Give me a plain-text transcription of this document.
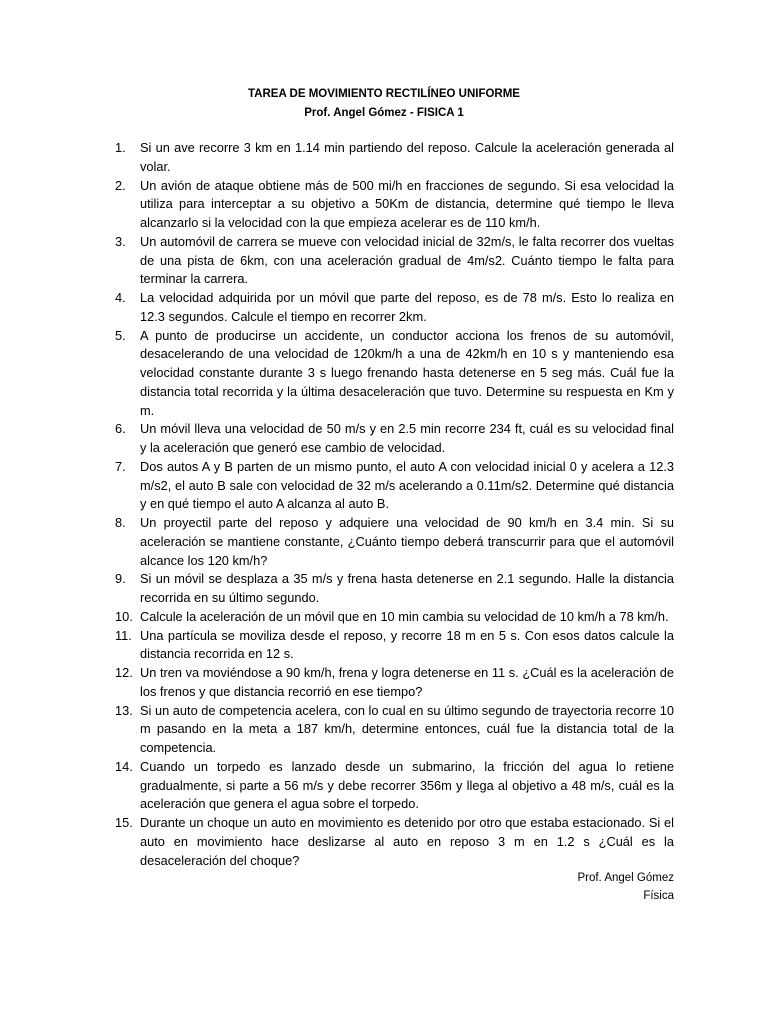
TAREA DE MOVIMIENTO RECTILÍNEO UNIFORME
Prof. Angel Gómez - FISICA 1
1.	Si un ave recorre 3 km en 1.14 min partiendo del reposo. Calcule la aceleración generada al volar.
2.	Un avión de ataque obtiene más de 500 mi/h en fracciones de segundo. Si esa velocidad la utiliza para interceptar a su objetivo a 50Km de distancia, determine qué tiempo le lleva alcanzarlo si la velocidad con la que empieza acelerar es de 110 km/h.
3.	Un automóvil de carrera se mueve con velocidad inicial de 32m/s, le falta recorrer dos vueltas de una pista de 6km, con una aceleración gradual de 4m/s2. Cuánto tiempo le falta para terminar la carrera.
4.	La velocidad adquirida por un móvil que parte del reposo, es de 78 m/s. Esto lo realiza en 12.3 segundos. Calcule el tiempo en recorrer 2km.
5.	A punto de producirse un accidente, un conductor acciona los frenos de su automóvil, desacelerando de una velocidad de 120km/h a una de 42km/h en 10 s y manteniendo esa velocidad constante durante 3 s luego frenando hasta detenerse en 5 seg más. Cuál fue la distancia total recorrida y la última desaceleración que tuvo. Determine su respuesta en Km y m.
6.	Un móvil lleva una velocidad de 50 m/s y en 2.5 min recorre 234 ft, cuál es su velocidad final y la aceleración que generó ese cambio de velocidad.
7.	Dos autos A y B parten de un mismo punto, el auto A con velocidad inicial 0 y acelera a 12.3 m/s2, el auto B sale con velocidad de 32 m/s acelerando a 0.11m/s2. Determine qué distancia y en qué tiempo el auto A alcanza al auto B.
8.	Un proyectil parte del reposo y adquiere una velocidad de 90 km/h en 3.4 min. Si su aceleración se mantiene constante, ¿Cuánto tiempo deberá transcurrir para que el automóvil alcance los 120 km/h?
9.	Si un móvil se desplaza a 35 m/s y frena hasta detenerse en 2.1 segundo. Halle la distancia recorrida en su último segundo.
10. Calcule la aceleración de un móvil que en 10 min cambia su velocidad de 10 km/h a 78 km/h.
11. Una partícula se moviliza desde el reposo, y recorre 18 m en 5 s. Con esos datos calcule la distancia recorrida en 12 s.
12. Un tren va moviéndose a 90 km/h, frena y logra detenerse en 11 s. ¿Cuál es la aceleración de los frenos y que distancia recorrió en ese tiempo?
13. Si un auto de competencia acelera, con lo cual en su último segundo de trayectoria recorre 10 m pasando en la meta a 187 km/h, determine entonces, cuál fue la distancia total de la competencia.
14. Cuando un torpedo es lanzado desde un submarino, la fricción del agua lo retiene gradualmente, si parte a 56 m/s y debe recorrer 356m y llega al objetivo a 48 m/s, cuál es la aceleración que genera el agua sobre el torpedo.
15. Durante un choque un auto en movimiento es detenido por otro que estaba estacionado. Si el auto en movimiento hace deslizarse al auto en reposo 3 m en 1.2 s ¿Cuál es la desaceleración del choque?
Prof. Angel Gómez
Física
